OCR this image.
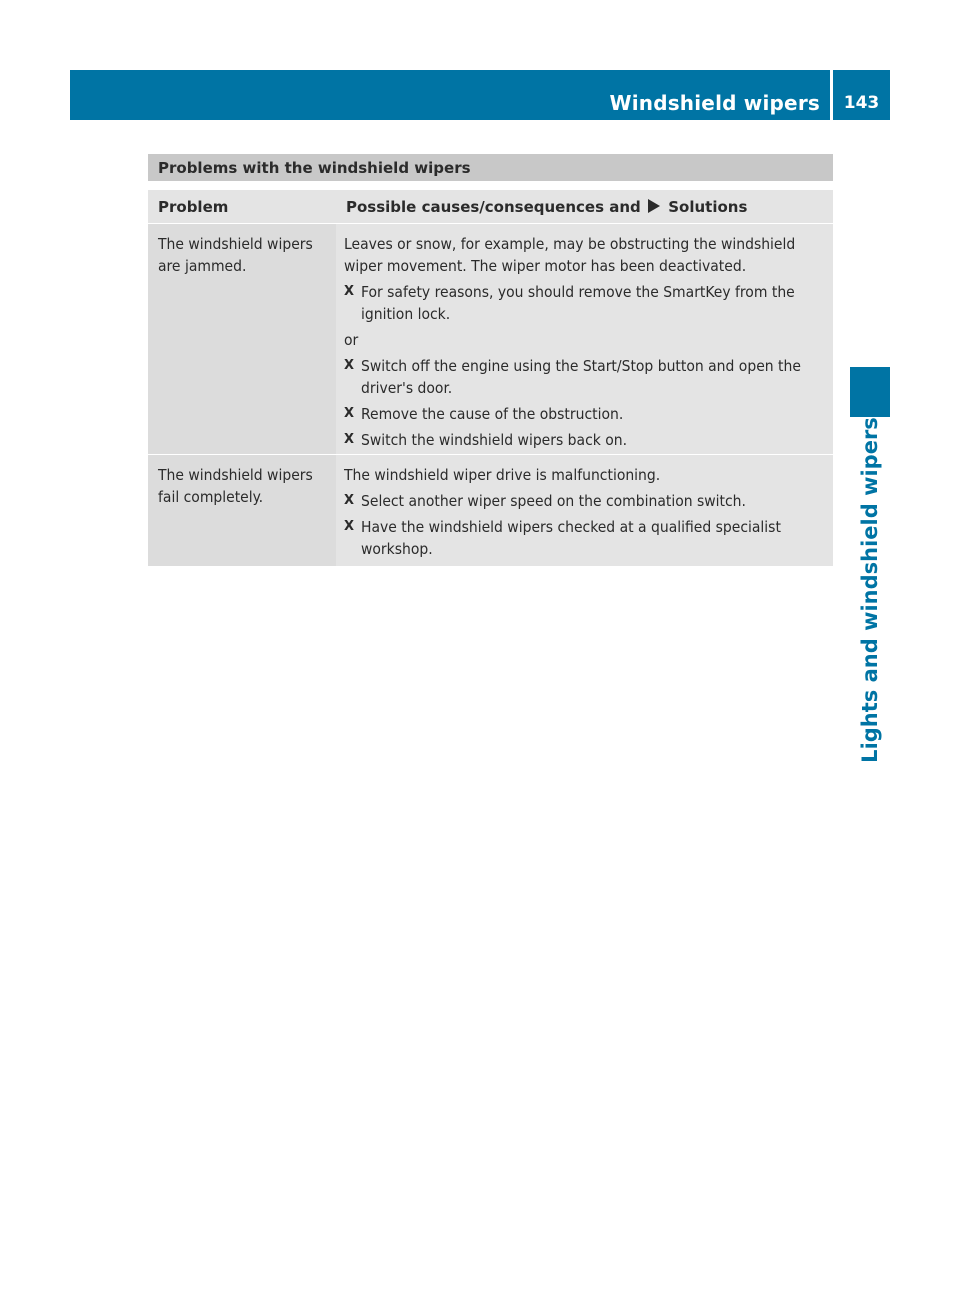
Windshield wipers	143
Lights and windshield wipers
Problems with the windshield wipers
Problem	Possible causes/consequences and Solutions
The windshield wipers are jammed.
Leaves or snow, for example, may be obstructing the windshield wiper movement. The wiper motor has been deactivated.
X For safety reasons, you should remove the SmartKey from the ignition lock.
or
X Switch off the engine using the Start/Stop button and open the driver's door.
X Remove the cause of the obstruction.
X Switch the windshield wipers back on.
The windshield wipers fail completely.
The windshield wiper drive is malfunctioning.
X Select another wiper speed on the combination switch.
X Have the windshield wipers checked at a qualified specialist workshop.
